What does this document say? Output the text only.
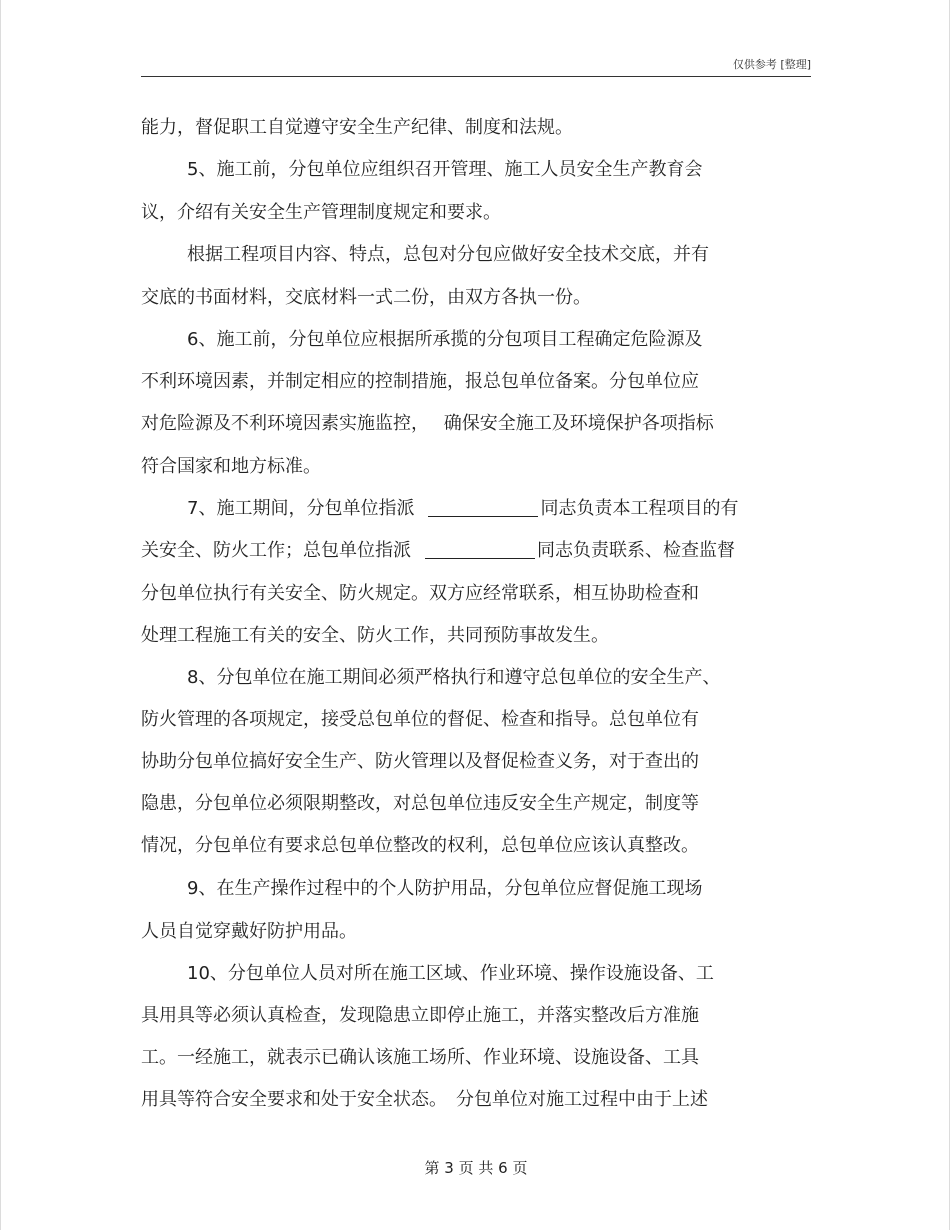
仅供参考 [整理]
能力，督促职工自觉遵守安全生产纪律、制度和法规。
5、施工前，分包单位应组织召开管理、施工人员安全生产教育会
议，介绍有关安全生产管理制度规定和要求。
根据工程项目内容、特点，总包对分包应做好安全技术交底，并有
交底的书面材料，交底材料一式二份，由双方各执一份。
6、施工前，分包单位应根据所承揽的分包项目工程确定危险源及
不利环境因素，并制定相应的控制措施，报总包单位备案。分包单位应
对危险源及不利环境因素实施监控，　 确保安全施工及环境保护各项指标
符合国家和地方标准。
7、施工期间，分包单位指派	同志负责本工程项目的有
关安全、防火工作；总包单位指派	同志负责联系、检查监督
分包单位执行有关安全、防火规定。双方应经常联系，相互协助检查和
处理工程施工有关的安全、防火工作，共同预防事故发生。
8、分包单位在施工期间必须严格执行和遵守总包单位的安全生产、
防火管理的各项规定，接受总包单位的督促、检查和指导。总包单位有
协助分包单位搞好安全生产、防火管理以及督促检查义务，对于查出的
隐患，分包单位必须限期整改，对总包单位违反安全生产规定，制度等
情况，分包单位有要求总包单位整改的权利，总包单位应该认真整改。
9、在生产操作过程中的个人防护用品，分包单位应督促施工现场
人员自觉穿戴好防护用品。
10、分包单位人员对所在施工区域、作业环境、操作设施设备、工
具用具等必须认真检查，发现隐患立即停止施工，并落实整改后方准施
工。一经施工，就表示已确认该施工场所、作业环境、设施设备、工具
用具等符合安全要求和处于安全状态。　分包单位对施工过程中由于上述
第 3 页 共 6 页
